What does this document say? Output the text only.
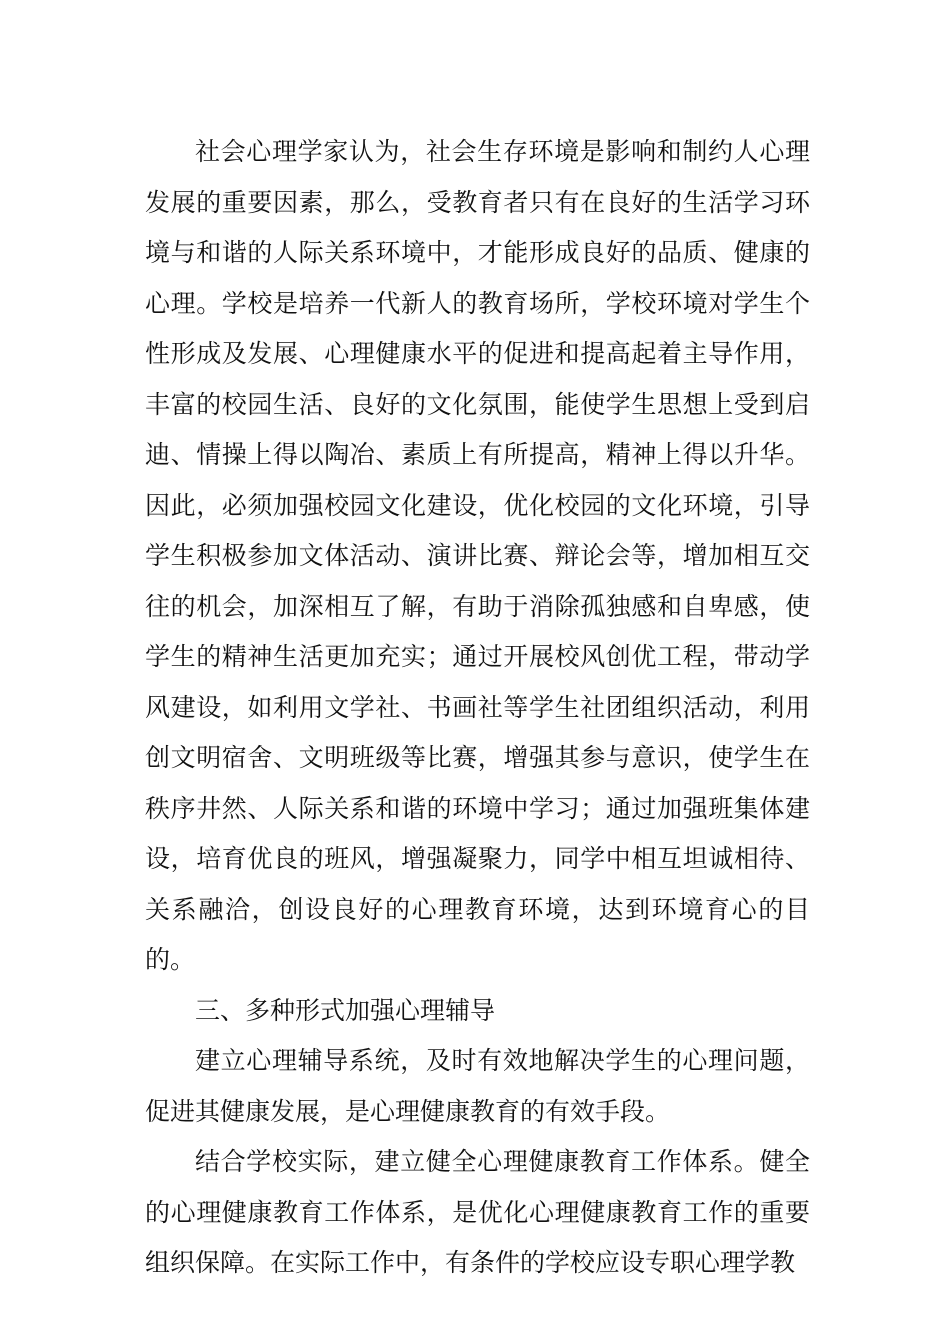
社会心理学家认为，社会生存环境是影响和制约人心理发展的重要因素，那么，受教育者只有在良好的生活学习环境与和谐的人际关系环境中，才能形成良好的品质、健康的心理。学校是培养一代新人的教育场所，学校环境对学生个性形成及发展、心理健康水平的促进和提高起着主导作用，丰富的校园生活、良好的文化氛围，能使学生思想上受到启迪、情操上得以陶冶、素质上有所提高，精神上得以升华。因此，必须加强校园文化建设，优化校园的文化环境，引导学生积极参加文体活动、演讲比赛、辩论会等，增加相互交往的机会，加深相互了解，有助于消除孤独感和自卑感，使学生的精神生活更加充实；通过开展校风创优工程，带动学风建设，如利用文学社、书画社等学生社团组织活动，利用创文明宿舍、文明班级等比赛，增强其参与意识，使学生在秩序井然、人际关系和谐的环境中学习；通过加强班集体建设，培育优良的班风，增强凝聚力，同学中相互坦诚相待、关系融洽，创设良好的心理教育环境，达到环境育心的目的。

三、多种形式加强心理辅导

建立心理辅导系统，及时有效地解决学生的心理问题，促进其健康发展，是心理健康教育的有效手段。

结合学校实际，建立健全心理健康教育工作体系。健全的心理健康教育工作体系，是优化心理健康教育工作的重要组织保障。在实际工作中，有条件的学校应设专职心理学教
